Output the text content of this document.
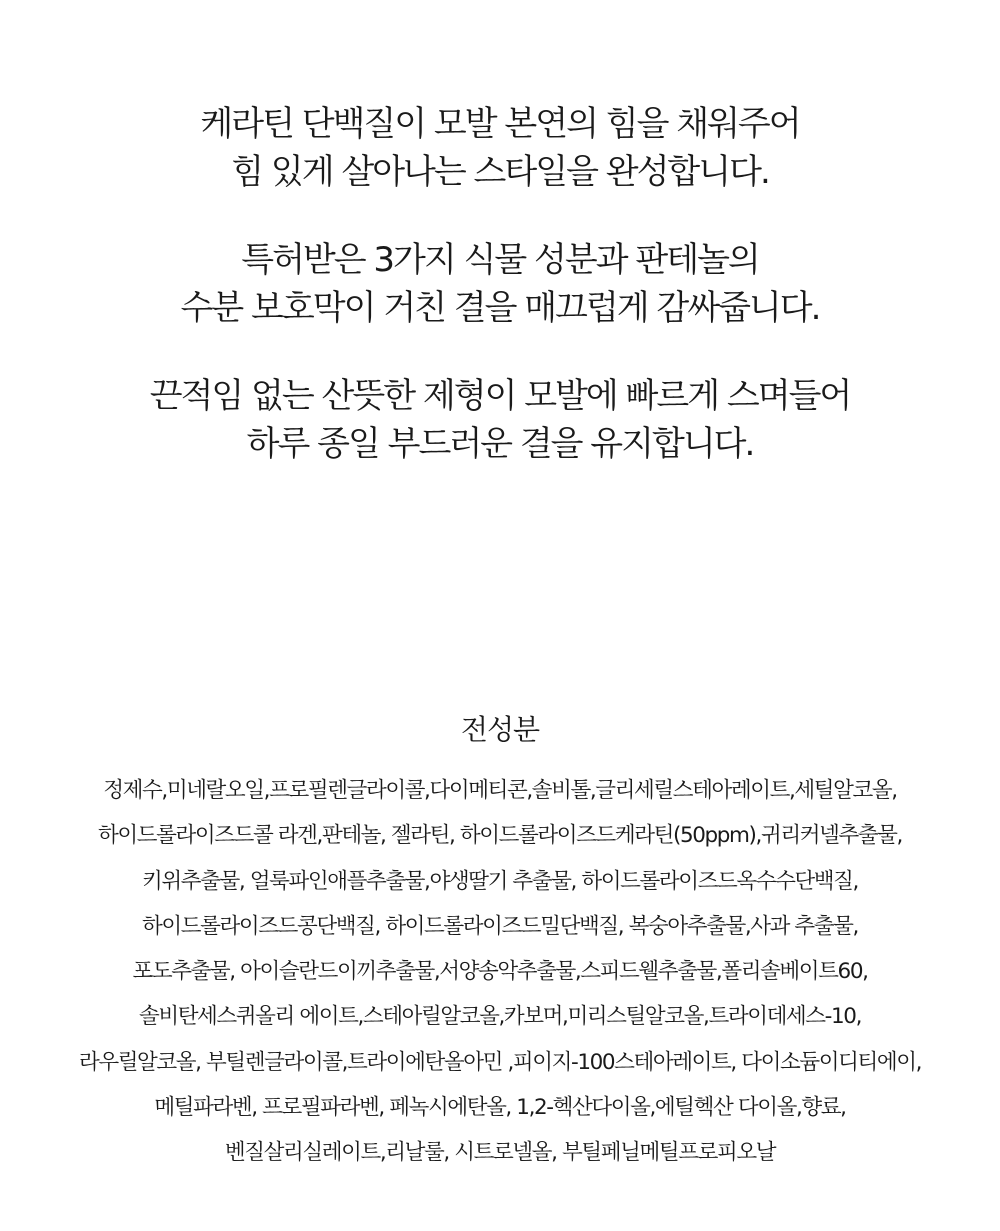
케라틴 단백질이 모발 본연의 힘을 채워주어

힘 있게 살아나는 스타일을 완성합니다.

특허받은 3가지 식물 성분과 판테놀의

수분 보호막이 거친 결을 매끄럽게 감싸줍니다.

끈적임 없는 산뜻한 제형이 모발에 빠르게 스며들어

하루 종일 부드러운 결을 유지합니다.

전성분

정제수,미네랄오일,프로필렌글라이콜,다이메티콘,솔비톨,글리세릴스테아레이트,세틸알코올,

하이드롤라이즈드콜 라겐,판테놀, 젤라틴, 하이드롤라이즈드케라틴(50ppm),귀리커넬추출물,

키위추출물, 얼룩파인애플추출물,야생딸기 추출물, 하이드롤라이즈드옥수수단백질,

하이드롤라이즈드콩단백질, 하이드롤라이즈드밀단백질, 복숭아추출물,사과 추출물,

포도추출물, 아이슬란드이끼추출물,서양송악추출물,스피드웰추출물,폴리솔베이트60,

솔비탄세스퀴올리 에이트,스테아릴알코올,카보머,미리스틸알코올,트라이데세스-10,

라우릴알코올, 부틸렌글라이콜,트라이에탄올아민 ,피이지-100스테아레이트, 다이소듐이디티에이,

메틸파라벤, 프로필파라벤, 페녹시에탄올, 1,2-헥산다이올,에틸헥산 다이올,향료,

벤질살리실레이트,리날룰, 시트로넬올, 부틸페닐메틸프로피오날
